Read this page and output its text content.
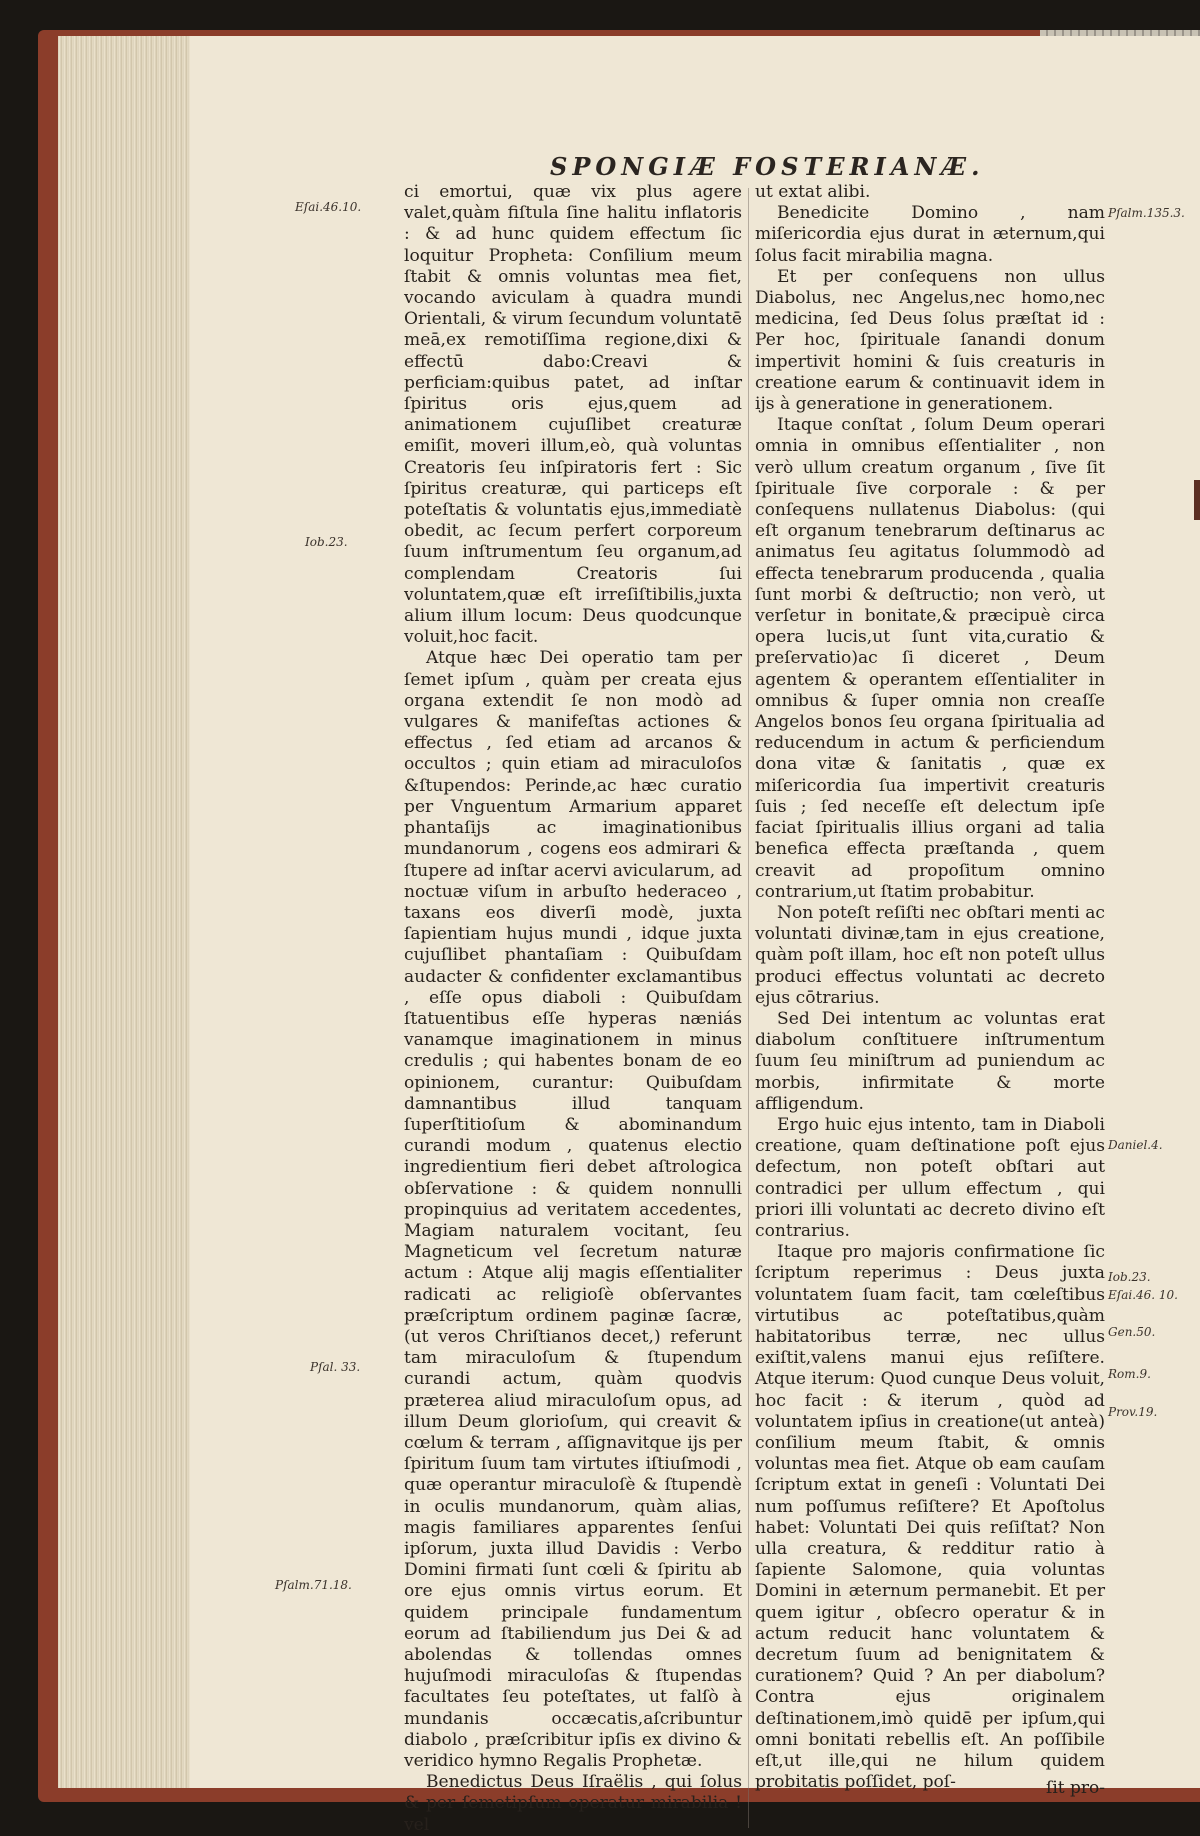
SPONGIÆ FOSTERIANÆ.

ci emortui, quæ vix plus agere valet,quàm fiſtula ſine halitu inflatoris : & ad hunc quidem effectum ſic loquitur Propheta: Conſilium meum ſtabit & omnis voluntas mea fiet, vocando aviculam à quadra mundi Orientali, & virum ſecundum voluntatē meā,ex remotiſſima regione,dixi & effectū dabo:Creavi & perficiam:quibus patet, ad inſtar ſpiritus oris ejus,quem ad animationem cujuſlibet creaturæ emiſit, moveri illum,eò, quà voluntas Creatoris ſeu inſpiratoris fert : Sic ſpiritus creaturæ, qui particeps eſt poteſtatis & voluntatis ejus,immediatè obedit, ac ſecum perfert corporeum ſuum inſtrumentum ſeu organum,ad complendam Creatoris ſui voluntatem,quæ eſt irreſiſtibilis,juxta alium illum locum: Deus quodcunque voluit,hoc facit.

Atque hæc Dei operatio tam per ſemet ipſum , quàm per creata ejus organa extendit ſe non modò ad vulgares & manifeſtas actiones & effectus , ſed etiam ad arcanos & occultos ; quin etiam ad miraculoſos &ſtupendos: Perinde,ac hæc curatio per Vnguentum Armarium apparet phantaſijs ac imaginationibus mundanorum , cogens eos admirari & ſtupere ad inſtar acervi avicularum, ad noctuæ viſum in arbuſto hederaceo , taxans eos diverſi modè, juxta ſapientiam hujus mundi , idque juxta cujuſlibet phantaſiam : Quibuſdam audacter & confidenter exclamantibus , eſſe opus diaboli : Quibuſdam ſtatuentibus eſſe hyperas næniás vanamque imaginationem in minus credulis ; qui habentes bonam de eo opinionem, curantur: Quibuſdam damnantibus illud tanquam ſuperſtitioſum & abominandum curandi modum , quatenus electio ingredientium fieri debet aſtrologica obſervatione : & quidem nonnulli propinquius ad veritatem accedentes, Magiam naturalem vocitant, ſeu Magneticum vel ſecretum naturæ actum : Atque alij magis eſſentialiter radicati ac religioſè obſervantes præſcriptum ordinem paginæ ſacræ,(ut veros Chriſtianos decet,) referunt tam miraculoſum & ſtupendum curandi actum, quàm quodvis præterea aliud miraculoſum opus, ad illum Deum glorioſum, qui creavit & cœlum & terram , aſſignavitque ijs per ſpiritum ſuum tam virtutes iſtiuſmodi , quæ operantur miraculoſè & ſtupendè in oculis mundanorum, quàm alias, magis familiares apparentes ſenſui ipſorum, juxta illud Davidis : Verbo Domini firmati ſunt cœli & ſpiritu ab ore ejus omnis virtus eorum. Et quidem principale fundamentum eorum ad ſtabiliendum jus Dei & ad abolendas & tollendas omnes hujuſmodi miraculoſas & ſtupendas facultates ſeu poteſtates, ut falſò à mundanis occæcatis,aſcribuntur diabolo , præſcribitur ipſis ex divino & veridico hymno Regalis Prophetæ.

Benedictus Deus Iſraëlis , qui ſolus & per ſemetipſum operatur mirabilia ! vel

ut extat alibi.

Benedicite Domino , nam miſericordia ejus durat in æternum,qui ſolus facit mirabilia magna.

Et per conſequens non ullus Diabolus, nec Angelus,nec homo,nec medicina, ſed Deus ſolus præſtat id : Per hoc, ſpirituale ſanandi donum impertivit homini & ſuis creaturis in creatione earum & continuavit idem in ijs à generatione in generationem.

Itaque conſtat , ſolum Deum operari omnia in omnibus eſſentialiter , non verò ullum creatum organum , ſive ſit ſpirituale ſive corporale : & per conſequens nullatenus Diabolus: (qui eſt organum tenebrarum deſtinarus ac animatus ſeu agitatus ſolummodò ad effecta tenebrarum producenda , qualia ſunt morbi & deſtructio; non verò, ut verſetur in bonitate,& præcipuè circa opera lucis,ut ſunt vita,curatio & preſervatio)ac ſi diceret , Deum agentem & operantem eſſentialiter in omnibus & ſuper omnia non creaſſe Angelos bonos ſeu organa ſpiritualia ad reducendum in actum & perficiendum dona vitæ & ſanitatis , quæ ex miſericordia ſua impertivit creaturis ſuis ; ſed neceſſe eſt delectum ipſe faciat ſpiritualis illius organi ad talia benefica effecta præſtanda , quem creavit ad propoſitum omnino contrarium,ut ſtatim probabitur.

Non poteſt reſiſti nec obſtari menti ac voluntati divinæ,tam in ejus creatione, quàm poſt illam, hoc eſt non poteſt ullus produci effectus voluntati ac decreto ejus cōtrarius.

Sed Dei intentum ac voluntas erat diabolum conſtituere inſtrumentum ſuum ſeu miniſtrum ad puniendum ac morbis, infirmitate & morte affligendum.

Ergo huic ejus intento, tam in Diaboli creatione, quam deſtinatione poſt ejus defectum, non poteſt obſtari aut contradici per ullum effectum , qui priori illi voluntati ac decreto divino eſt contrarius.

Itaque pro majoris confirmatione ſic ſcriptum reperimus : Deus juxta voluntatem ſuam facit, tam cœleſtibus virtutibus ac poteſtatibus,quàm habitatoribus terræ, nec ullus exiſtit,valens manui ejus reſiſtere. Atque iterum: Quod cunque Deus voluit, hoc facit : & iterum , quòd ad voluntatem ipſius in creatione(ut anteà) conſilium meum ſtabit, & omnis voluntas mea fiet. Atque ob eam cauſam ſcriptum extat in geneſi : Voluntati Dei num poſſumus reſiſtere? Et Apoſtolus habet: Voluntati Dei quis reſiſtat? Non ulla creatura, & redditur ratio à ſapiente Salomone, quia voluntas Domini in æternum permanebit. Et per quem igitur , obſecro operatur & in actum reducit hanc voluntatem & decretum ſuum ad benignitatem & curationem? Quid ? An per diabolum? Contra ejus originalem deſtinationem,imò quidē per ipſum,qui omni bonitati rebellis eſt. An poſſibile eſt,ut ille,qui ne hilum quidem probitatis poſſidet, poſ-	ſit pro-
Eſai.46.10.
Iob.23.
Pſal. 33.
Pſalm.71.18.
Pſalm.135.3.
Daniel.4.
Iob.23.
Eſai.46. 10.
Gen.50.
Rom.9.
Prov.19.
